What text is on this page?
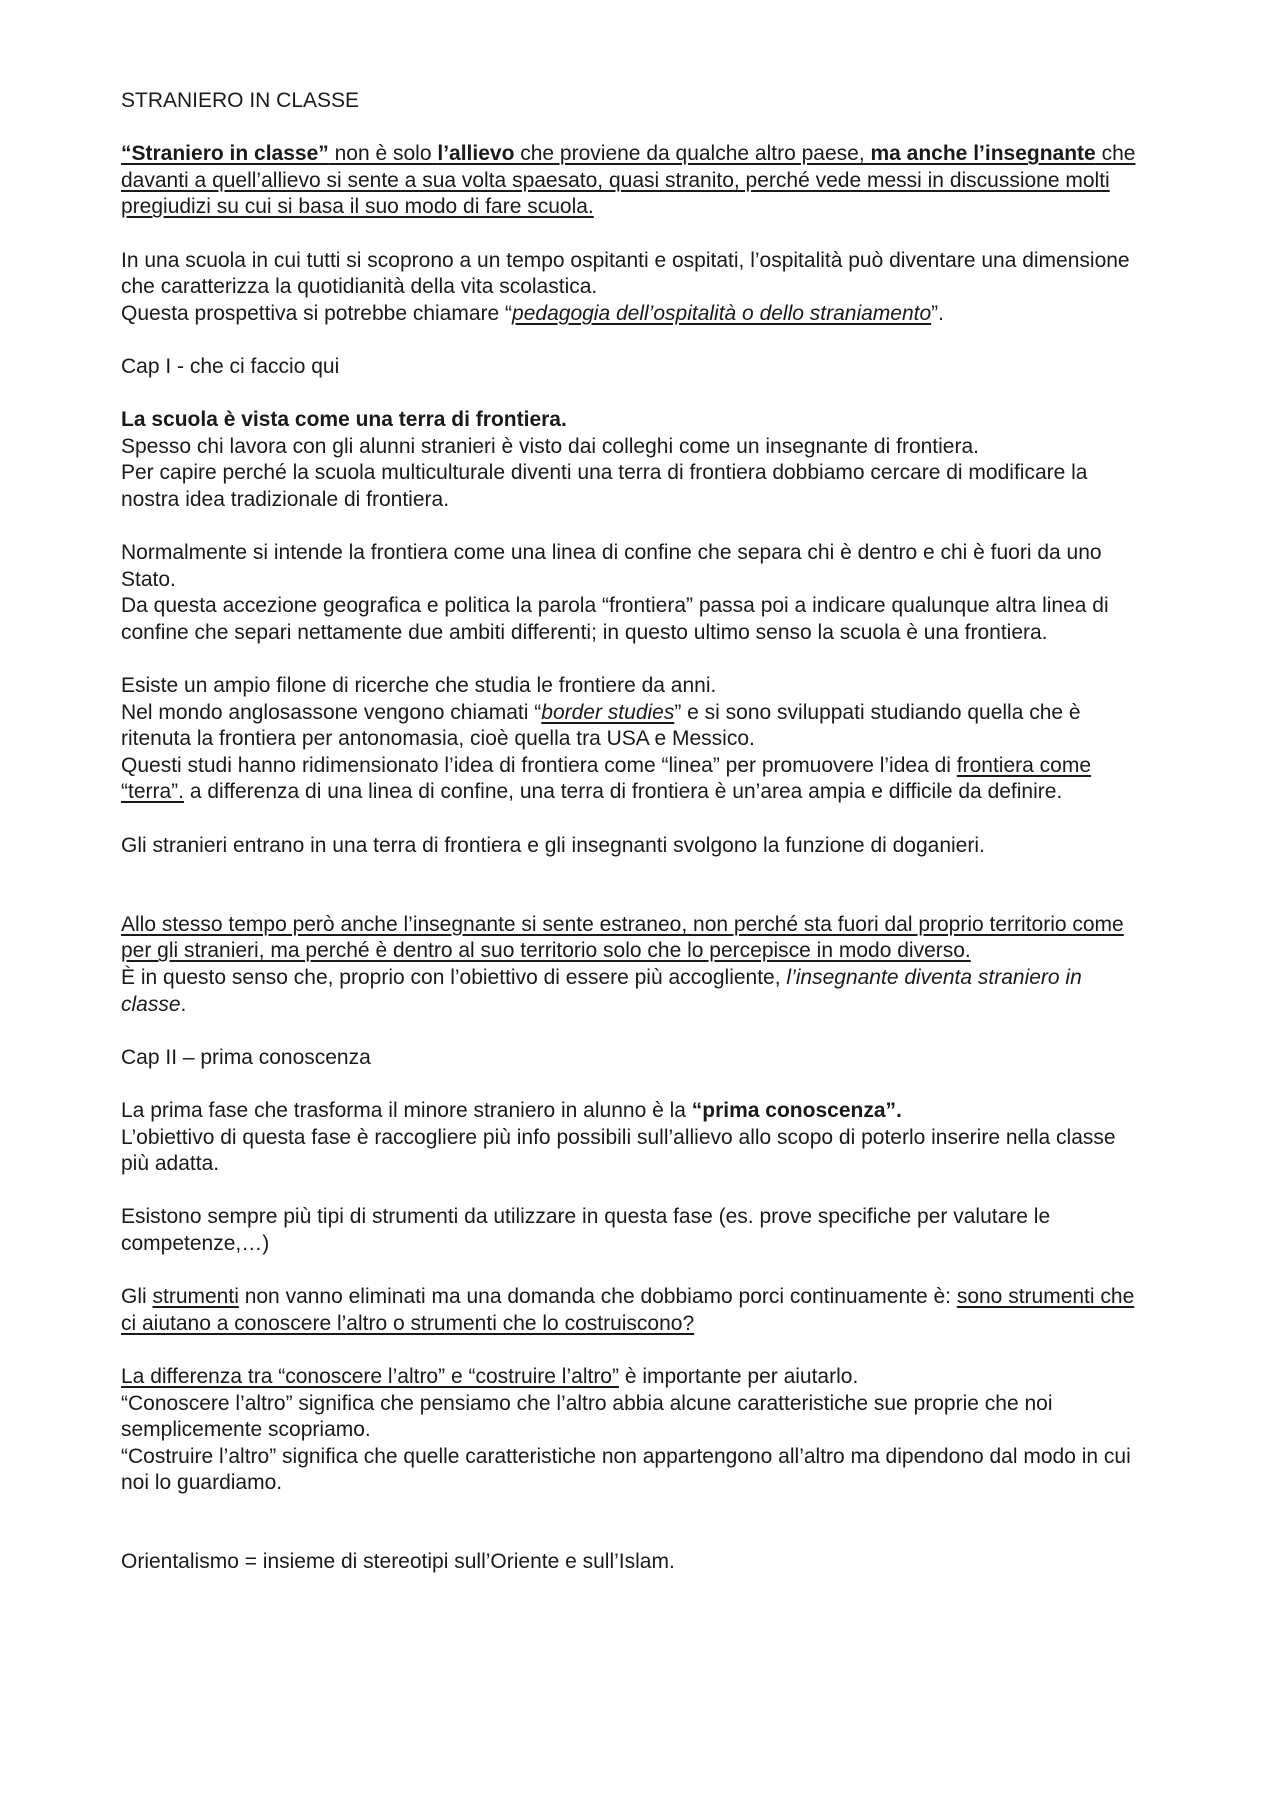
STRANIERO IN CLASSE
“Straniero in classe” non è solo l’allievo che proviene da qualche altro paese, ma anche l’insegnante che davanti a quell’allievo si sente a sua volta spaesato, quasi stranito, perché vede messi in discussione molti pregiudizi su cui si basa il suo modo di fare scuola.
In una scuola in cui tutti si scoprono a un tempo ospitanti e ospitati, l’ospitalità può diventare una dimensione che caratterizza la quotidianità della vita scolastica.
Questa prospettiva si potrebbe chiamare “pedagogia dell’ospitalità o dello straniamento”.
Cap I - che ci faccio qui
La scuola è vista come una terra di frontiera.
Spesso chi lavora con gli alunni stranieri è visto dai colleghi come un insegnante di frontiera.
Per capire perché la scuola multiculturale diventi una terra di frontiera dobbiamo cercare di modificare la nostra idea tradizionale di frontiera.
Normalmente si intende la frontiera come una linea di confine che separa chi è dentro e chi è fuori da uno Stato.
Da questa accezione geografica e politica la parola “frontiera” passa poi a indicare qualunque altra linea di confine che separi nettamente due ambiti differenti; in questo ultimo senso la scuola è una frontiera.
Esiste un ampio filone di ricerche che studia le frontiere da anni.
Nel mondo anglosassone vengono chiamati “border studies” e si sono sviluppati studiando quella che è ritenuta la frontiera per antonomasia, cioè quella tra USA e Messico.
Questi studi hanno ridimensionato l’idea di frontiera come “linea” per promuovere l’idea di frontiera come “terra”. a differenza di una linea di confine, una terra di frontiera è un’area ampia e difficile da definire.
Gli stranieri entrano in una terra di frontiera e gli insegnanti svolgono la funzione di doganieri.
Allo stesso tempo però anche l’insegnante si sente estraneo, non perché sta fuori dal proprio territorio come per gli stranieri, ma perché è dentro al suo territorio solo che lo percepisce in modo diverso.
È in questo senso che, proprio con l’obiettivo di essere più accogliente, l’insegnante diventa straniero in classe.
Cap II – prima conoscenza
La prima fase che trasforma il minore straniero in alunno è la “prima conoscenza”.
L’obiettivo di questa fase è raccogliere più info possibili sull’allievo allo scopo di poterlo inserire nella classe più adatta.
Esistono sempre più tipi di strumenti da utilizzare in questa fase (es. prove specifiche per valutare le competenze,…)
Gli strumenti non vanno eliminati ma una domanda che dobbiamo porci continuamente è: sono strumenti che ci aiutano a conoscere l’altro o strumenti che lo costruiscono?
La differenza tra “conoscere l’altro” e “costruire l’altro” è importante per aiutarlo.
“Conoscere l’altro” significa che pensiamo che l’altro abbia alcune caratteristiche sue proprie che noi semplicemente scopriamo.
“Costruire l’altro” significa che quelle caratteristiche non appartengono all’altro ma dipendono dal modo in cui noi lo guardiamo.
Orientalismo = insieme di stereotipi sull’Oriente e sull’Islam.
